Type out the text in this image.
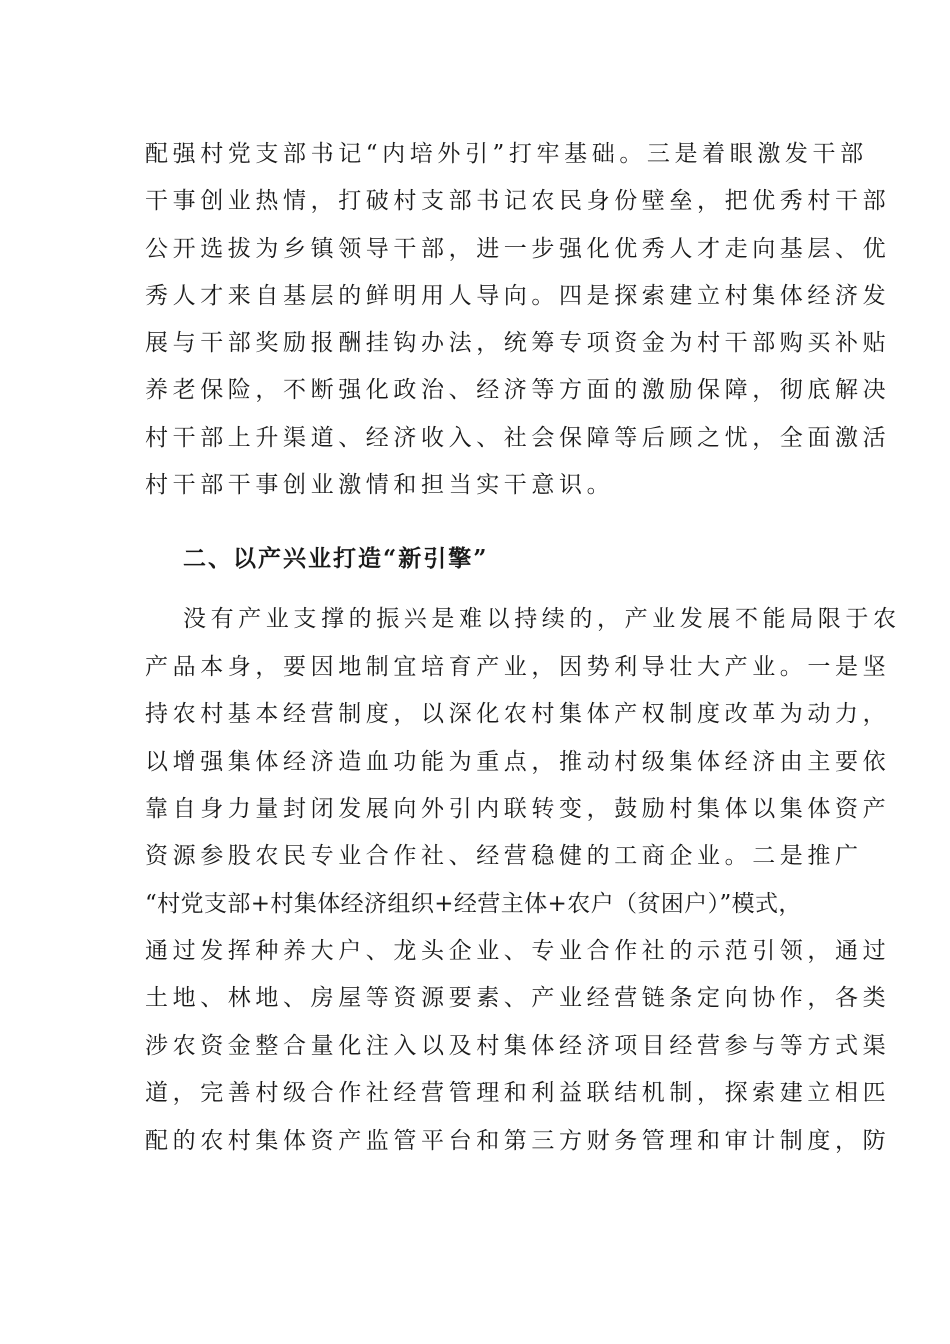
配强村党支部书记“内培外引”打牢基础。三是着眼激发干部
干事创业热情，打破村支部书记农民身份壁垒，把优秀村干部
公开选拔为乡镇领导干部，进一步强化优秀人才走向基层、优
秀人才来自基层的鲜明用人导向。四是探索建立村集体经济发
展与干部奖励报酬挂钩办法，统筹专项资金为村干部购买补贴
养老保险，不断强化政治、经济等方面的激励保障，彻底解决
村干部上升渠道、经济收入、社会保障等后顾之忧，全面激活
村干部干事创业激情和担当实干意识。
二、以产兴业打造“新引擎”
没有产业支撑的振兴是难以持续的，产业发展不能局限于农
产品本身，要因地制宜培育产业，因势利导壮大产业。一是坚
持农村基本经营制度，以深化农村集体产权制度改革为动力，
以增强集体经济造血功能为重点，推动村级集体经济由主要依
靠自身力量封闭发展向外引内联转变，鼓励村集体以集体资产
资源参股农民专业合作社、经营稳健的工商企业。二是推广
“村党支部+村集体经济组织+经营主体+农户（贫困户）”模式，
通过发挥种养大户、龙头企业、专业合作社的示范引领，通过
土地、林地、房屋等资源要素、产业经营链条定向协作，各类
涉农资金整合量化注入以及村集体经济项目经营参与等方式渠
道，完善村级合作社经营管理和利益联结机制，探索建立相匹
配的农村集体资产监管平台和第三方财务管理和审计制度，防
